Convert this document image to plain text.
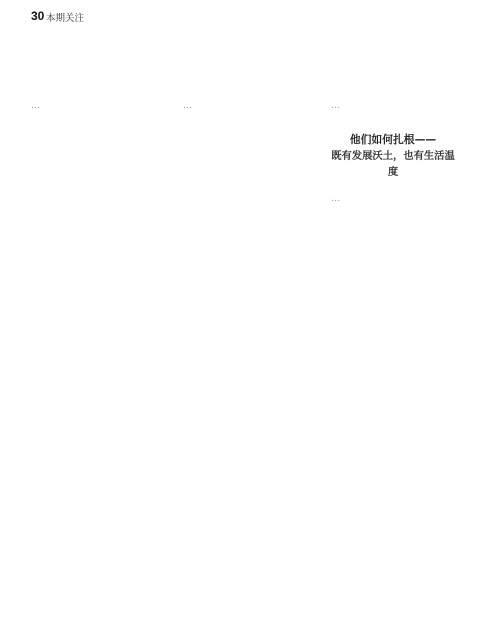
30 本期关注

…	…	…

他们如何扎根——
既有发展沃土，也有生活温度

…
